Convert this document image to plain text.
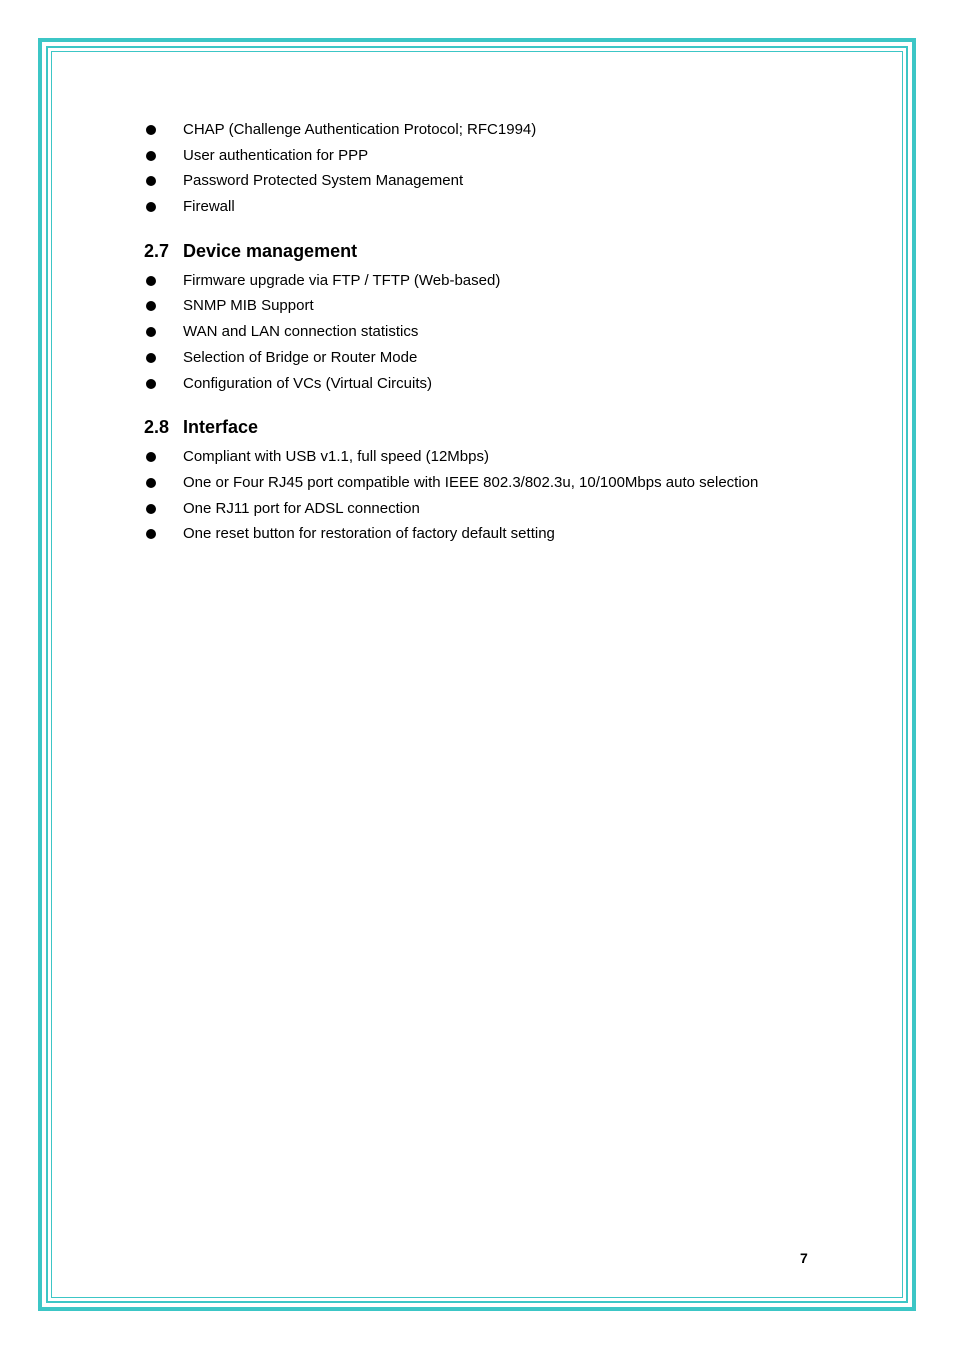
CHAP (Challenge Authentication Protocol; RFC1994)
User authentication for PPP
Password Protected System Management
Firewall
2.7 Device management
Firmware upgrade via FTP / TFTP (Web-based)
SNMP MIB Support
WAN and LAN connection statistics
Selection of Bridge or Router Mode
Configuration of VCs (Virtual Circuits)
2.8 Interface
Compliant with USB v1.1, full speed (12Mbps)
One or Four RJ45 port compatible with IEEE 802.3/802.3u, 10/100Mbps auto selection
One RJ11 port for ADSL connection
One reset button for restoration of factory default setting
7
